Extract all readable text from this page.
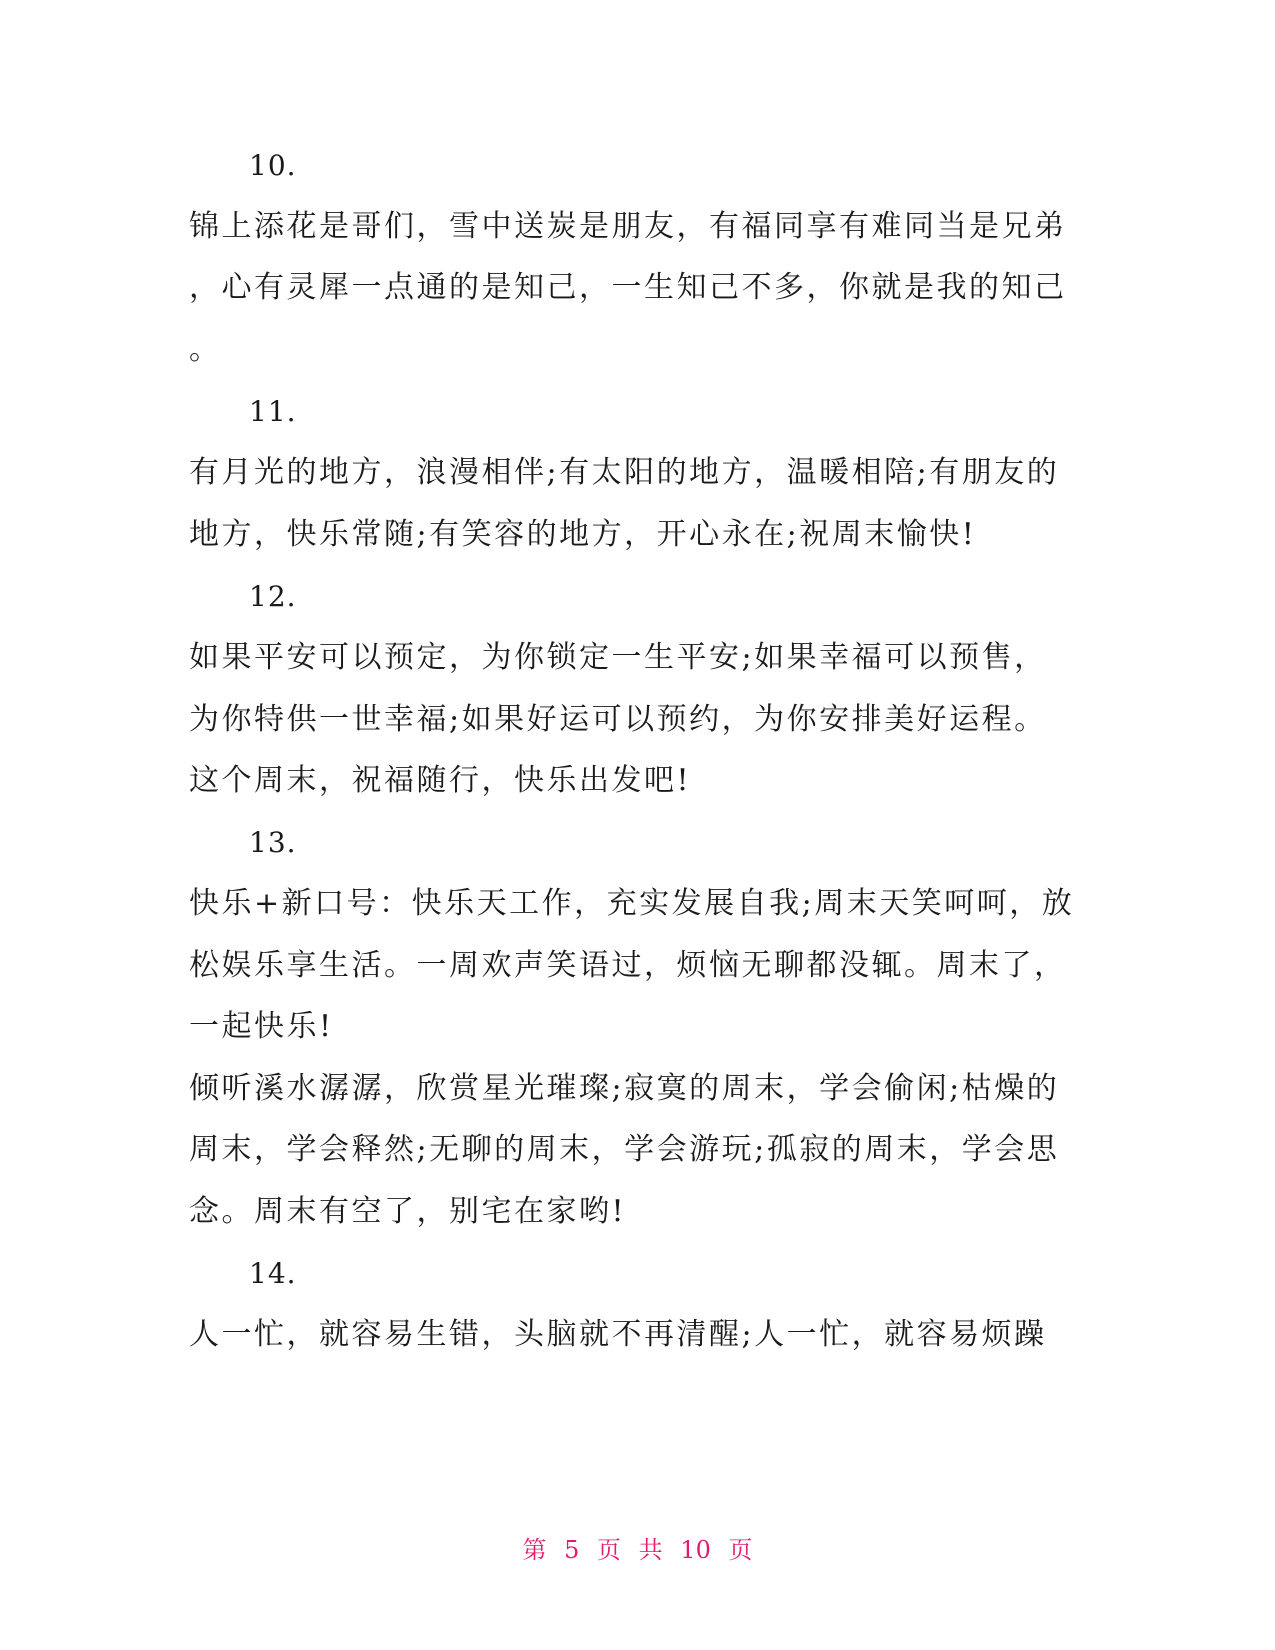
10.
锦上添花是哥们，雪中送炭是朋友，有福同享有难同当是兄弟
，心有灵犀一点通的是知己，一生知己不多，你就是我的知己
。
11.
有月光的地方，浪漫相伴;有太阳的地方，温暖相陪;有朋友的
地方，快乐常随;有笑容的地方，开心永在;祝周末愉快!
12.
如果平安可以预定，为你锁定一生平安;如果幸福可以预售，
为你特供一世幸福;如果好运可以预约，为你安排美好运程。
这个周末，祝福随行，快乐出发吧!
13.
快乐+新口号：快乐天工作，充实发展自我;周末天笑呵呵，放
松娱乐享生活。一周欢声笑语过，烦恼无聊都没辄。周末了，
一起快乐!
倾听溪水潺潺，欣赏星光璀璨;寂寞的周末，学会偷闲;枯燥的
周末，学会释然;无聊的周末，学会游玩;孤寂的周末，学会思
念。周末有空了，别宅在家哟!
14.
人一忙，就容易生错，头脑就不再清醒;人一忙，就容易烦躁
第 5 页 共 10 页
